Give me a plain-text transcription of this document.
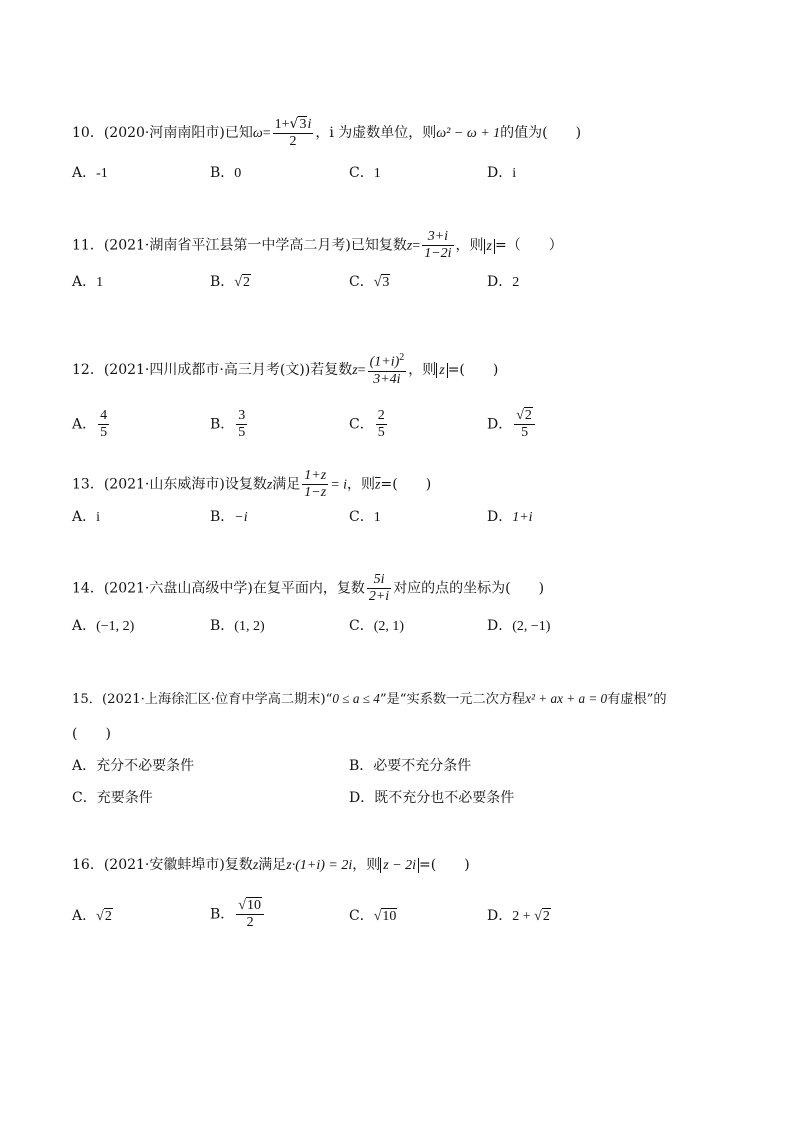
10．(2020·河南南阳市)已知$\omega= \frac{1+√3i}{2}$ ，i 为虚数单位，则ω² − ω + 1的值为(　　)
A．-1	B．0	C．1	D．i
11．(2021·湖南省平江县第一中学高二月考)已知复数$z= \frac{3+i}{1-2i}$ ，则 z =（　　）
A．1	B．√2	C．√3	D．2
12．(2021·四川成都市·高三月考(文))若复数$z= \frac{(1+i)^2}{3+4i}$ ，则 z =(　　)
A． $\frac{4}{5}$	B． $\frac{3}{5}$	C． $\frac{2}{5}$	D． $\frac{√2}{5}$
13．(2021·山东威海市)设复数z满足 $\frac{1+z}{1-z} = i$，则$\overline{z}=$(　　)
A．i	B．−i	C．1	D．1+i
14．(2021·六盘山高级中学)在复平面内，复数 $\frac{5i}{2+i}$ 对应的点的坐标为(　　)
A．(−1, 2)	B．(1, 2)	C．(2, 1)	D．(2, −1)
15．(2021·上海徐汇区·位育中学高二期末)“0 ≤ a ≤ 4”是“实系数一元二次方程x² + ax + a = 0有虚根”的
(　　)
A．充分不必要条件	B．必要不充分条件
C．充要条件	D．既不充分也不必要条件
16．(2021·安徽蚌埠市)复数z满足z·(1+i) = 2i，则 z − 2i =(　　)
A．√2	B． $\frac{√10}{2}$	C．√10	D．2 + √2
